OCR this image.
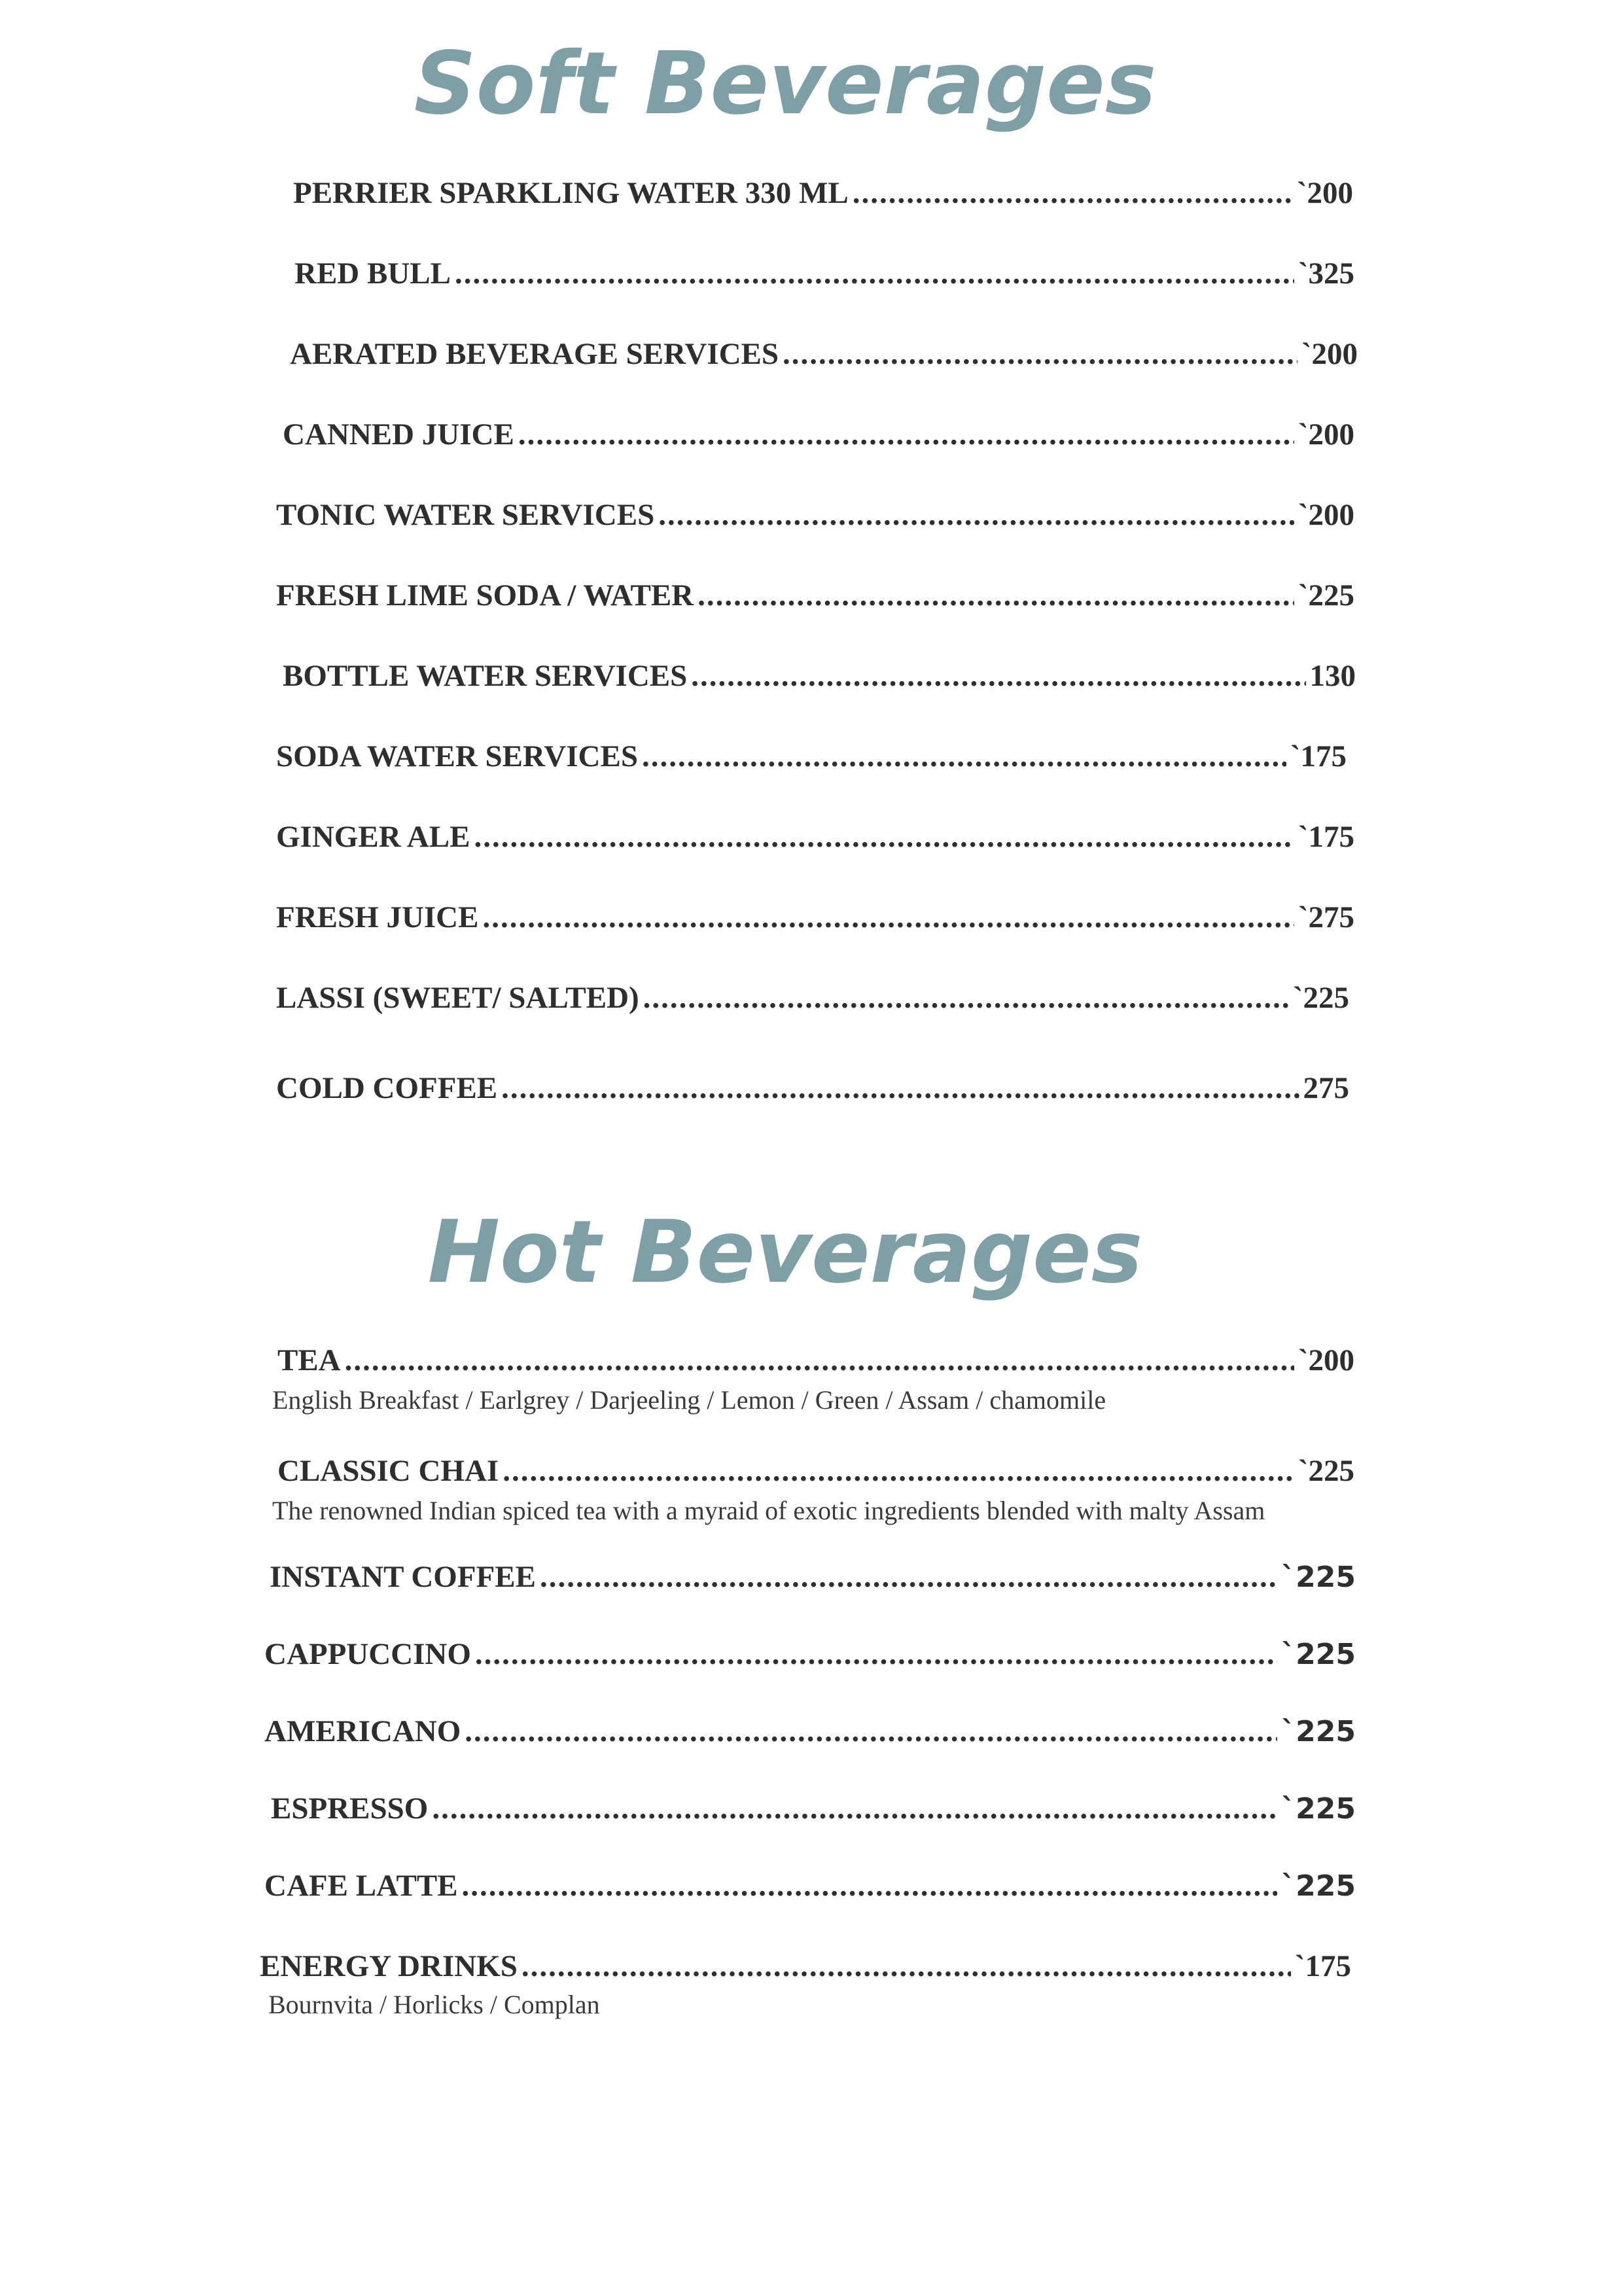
Soft Beverages
PERRIER SPARKLING WATER 330 ML .....	`200
RED BULL .....	`325
AERATED BEVERAGE SERVICES .....	`200
CANNED JUICE .....	`200
TONIC WATER SERVICES .....	`200
FRESH LIME SODA / WATER .....	`225
BOTTLE WATER SERVICES .....	130
SODA WATER SERVICES .....	`175
GINGER ALE .....	`175
FRESH JUICE .....	`275
LASSI (SWEET/ SALTED) .....	`225
COLD COFFEE .....	275
Hot Beverages
TEA .....	`200
English Breakfast / Earlgrey / Darjeeling / Lemon / Green / Assam / chamomile
CLASSIC CHAI .....	`225
The renowned Indian spiced tea with a myraid of exotic ingredients blended with malty Assam
INSTANT COFFEE .....	`225
CAPPUCCINO .....	`225
AMERICANO .....	`225
ESPRESSO .....	`225
CAFE LATTE .....	`225
ENERGY DRINKS .....	`175
Bournvita / Horlicks / Complan
